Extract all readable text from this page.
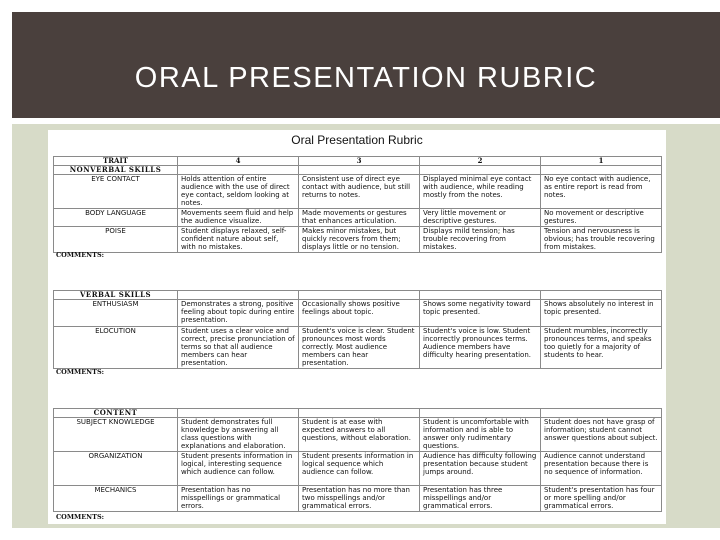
ORAL PRESENTATION RUBRIC
Oral Presentation Rubric
TRAIT	4	3	2	1
NONVERBAL SKILLS				
EYE CONTACT	Holds attention of entire audience with the use of direct eye contact, seldom looking at notes.	Consistent use of direct eye contact with audience, but still returns to notes.	Displayed minimal eye contact with audience, while reading mostly from the notes.	No eye contact with audience, as entire report is read from notes.
BODY LANGUAGE	Movements seem fluid and help the audience visualize.	Made movements or gestures that enhances articulation.	Very little movement or descriptive gestures.	No movement or descriptive gestures.
POISE	Student displays relaxed, self-confident nature about self, with no mistakes.	Makes minor mistakes, but quickly recovers from them; displays little or no tension.	Displays mild tension; has trouble recovering from mistakes.	Tension and nervousness is obvious; has trouble recovering from mistakes.
COMMENTS:
VERBAL SKILLS				
ENTHUSIASM	Demonstrates a strong, positive feeling about topic during entire presentation.	Occasionally shows positive feelings about topic.	Shows some negativity toward topic presented.	Shows absolutely no interest in topic presented.
ELOCUTION	Student uses a clear voice and correct, precise pronunciation of terms so that all audience members can hear presentation.	Student's voice is clear. Student pronounces most words correctly. Most audience members can hear presentation.	Student's voice is low. Student incorrectly pronounces terms. Audience members have difficulty hearing presentation.	Student mumbles, incorrectly pronounces terms, and speaks too quietly for a majority of students to hear.
COMMENTS:
CONTENT				
SUBJECT KNOWLEDGE	Student demonstrates full knowledge by answering all class questions with explanations and elaboration.	Student is at ease with expected answers to all questions, without elaboration.	Student is uncomfortable with information and is able to answer only rudimentary questions.	Student does not have grasp of information; student cannot answer questions about subject.
ORGANIZATION	Student presents information in logical, interesting sequence which audience can follow.	Student presents information in logical sequence which audience can follow.	Audience has difficulty following presentation because student jumps around.	Audience cannot understand presentation because there is no sequence of information.
MECHANICS	Presentation has no misspellings or grammatical errors.	Presentation has no more than two misspellings and/or grammatical errors.	Presentation has three misspellings and/or grammatical errors.	Student's presentation has four or more spelling and/or grammatical errors.
COMMENTS:
